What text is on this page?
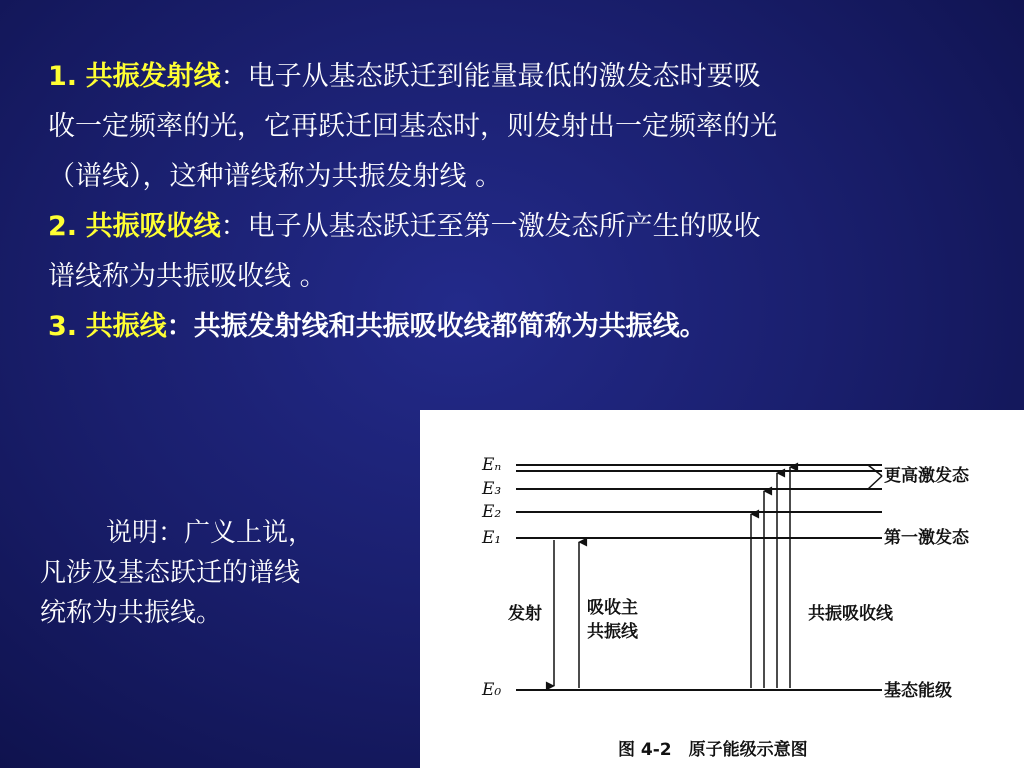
1. 共振发射线：电子从基态跃迁到能量最低的激发态时要吸
收一定频率的光，它再跃迁回基态时，则发射出一定频率的光
（谱线），这种谱线称为共振发射线 。
2. 共振吸收线：电子从基态跃迁至第一激发态所产生的吸收
谱线称为共振吸收线 。
3. 共振线：共振发射线和共振吸收线都简称为共振线。
说明：广义上说，
凡涉及基态跃迁的谱线
统称为共振线。
Eₙ
E₃
E₂
E₁
E₀
更高激发态
第一激发态
基态能级
发射	吸收主
共振线
共振吸收线
图 4-2　原子能级示意图
